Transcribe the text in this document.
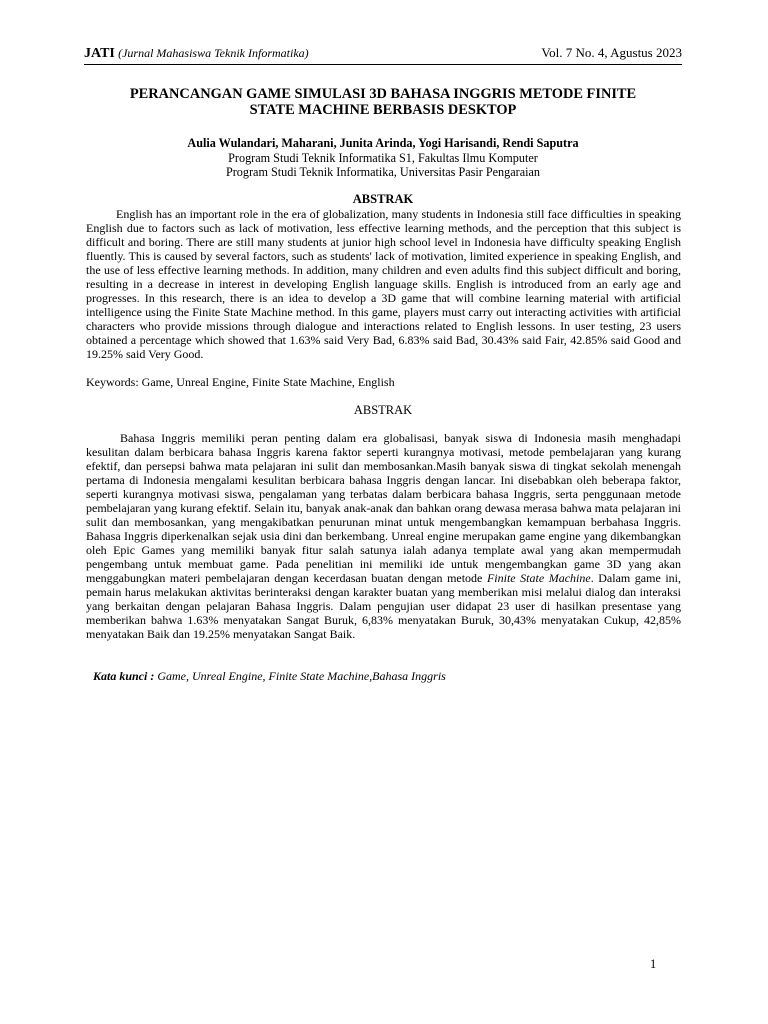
JATI (Jurnal Mahasiswa Teknik Informatika)	Vol. 7 No. 4, Agustus 2023
PERANCANGAN GAME SIMULASI 3D BAHASA INGGRIS METODE FINITE
STATE MACHINE BERBASIS DESKTOP
Aulia Wulandari, Maharani, Junita Arinda, Yogi Harisandi, Rendi Saputra
Program Studi Teknik Informatika S1, Fakultas Ilmu Komputer
Program Studi Teknik Informatika, Universitas Pasir Pengaraian
ABSTRAK

English has an important role in the era of globalization, many students in Indonesia still face difficulties in speaking English due to factors such as lack of motivation, less effective learning methods, and the perception that this subject is difficult and boring. There are still many students at junior high school level in Indonesia have difficulty speaking English fluently. This is caused by several factors, such as students' lack of motivation, limited experience in speaking English, and the use of less effective learning methods. In addition, many children and even adults find this subject difficult and boring, resulting in a decrease in interest in developing English language skills. English is introduced from an early age and progresses. In this research, there is an idea to develop a 3D game that will combine learning material with artificial intelligence using the Finite State Machine method. In this game, players must carry out interacting activities with artificial characters who provide missions through dialogue and interactions related to English lessons. In user testing, 23 users obtained a percentage which showed that 1.63% said Very Bad, 6.83% said Bad, 30.43% said Fair, 42.85% said Good and 19.25% said Very Good.

Keywords: Game, Unreal Engine, Finite State Machine, English

ABSTRAK

Bahasa Inggris memiliki peran penting dalam era globalisasi, banyak siswa di Indonesia masih menghadapi kesulitan dalam berbicara bahasa Inggris karena faktor seperti kurangnya motivasi, metode pembelajaran yang kurang efektif, dan persepsi bahwa mata pelajaran ini sulit dan membosankan.Masih banyak siswa di tingkat sekolah menengah pertama di Indonesia mengalami kesulitan berbicara bahasa Inggris dengan lancar. Ini disebabkan oleh beberapa faktor, seperti kurangnya motivasi siswa, pengalaman yang terbatas dalam berbicara bahasa Inggris, serta penggunaan metode pembelajaran yang kurang efektif. Selain itu, banyak anak-anak dan bahkan orang dewasa merasa bahwa mata pelajaran ini sulit dan membosankan, yang mengakibatkan penurunan minat untuk mengembangkan kemampuan berbahasa Inggris. Bahasa Inggris diperkenalkan sejak usia dini dan berkembang. Unreal engine merupakan game engine yang dikembangkan oleh Epic Games yang memiliki banyak fitur salah satunya ialah adanya template awal yang akan mempermudah pengembang untuk membuat game. Pada penelitian ini memiliki ide untuk mengembangkan game 3D yang akan menggabungkan materi pembelajaran dengan kecerdasan buatan dengan metode Finite State Machine. Dalam game ini, pemain harus melakukan aktivitas berinteraksi dengan karakter buatan yang memberikan misi melalui dialog dan interaksi yang berkaitan dengan pelajaran Bahasa Inggris. Dalam pengujian user didapat 23 user di hasilkan presentase yang memberikan bahwa 1.63% menyatakan Sangat Buruk, 6,83% menyatakan Buruk, 30,43% menyatakan Cukup, 42,85% menyatakan Baik dan 19.25% menyatakan Sangat Baik.

Kata kunci : Game, Unreal Engine, Finite State Machine,Bahasa Inggris

1
